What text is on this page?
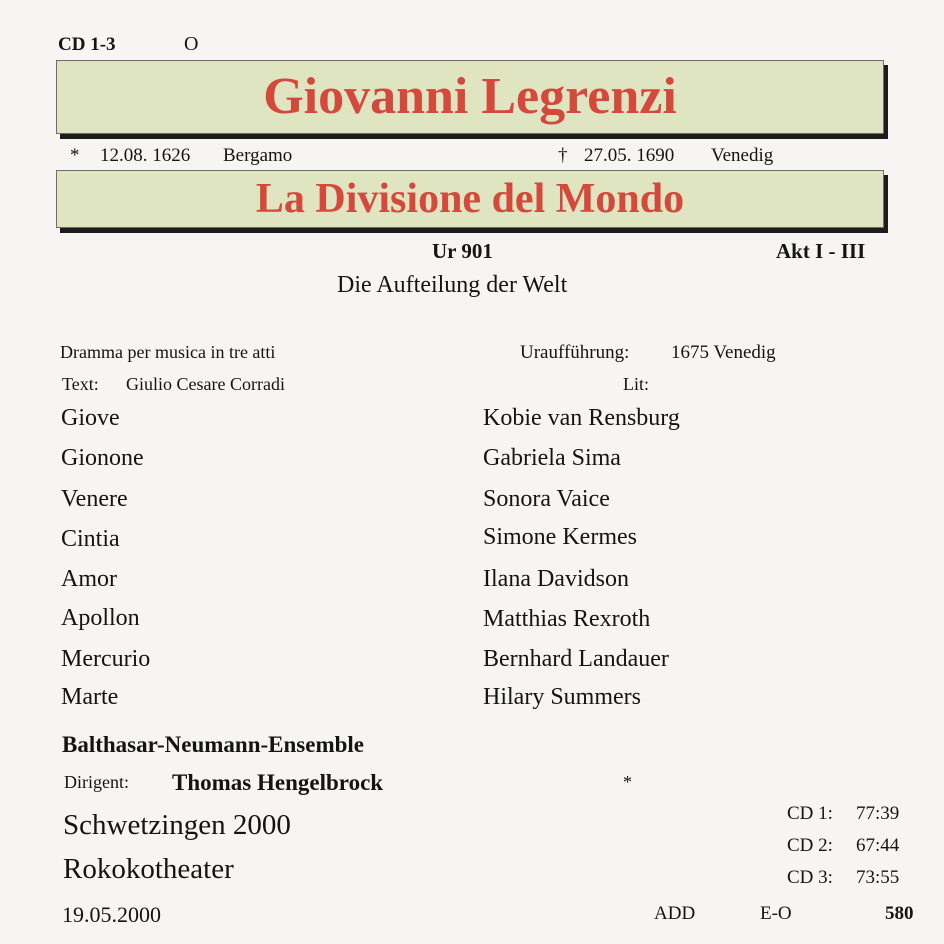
CD 1-3	O
Giovanni Legrenzi
* 12.08. 1626 Bergamo	† 27.05. 1690 Venedig
La Divisione del Mondo
Ur 901	Akt I - III
Die Aufteilung der Welt
Dramma per musica in tre atti	Uraufführung: 1675 Venedig
Text: Giulio Cesare Corradi	Lit:
Giove	Kobie van Rensburg
Gionone	Gabriela Sima
Venere	Sonora Vaice
Cintia	Simone Kermes
Amor	Ilana Davidson
Apollon	Matthias Rexroth
Mercurio	Bernhard Landauer
Marte	Hilary Summers
Balthasar-Neumann-Ensemble
Dirigent: Thomas Hengelbrock	*
Schwetzingen 2000
Rokokotheater
19.05.2000
CD 1: 77:39
CD 2: 67:44
CD 3: 73:55
ADD	E-O	580
